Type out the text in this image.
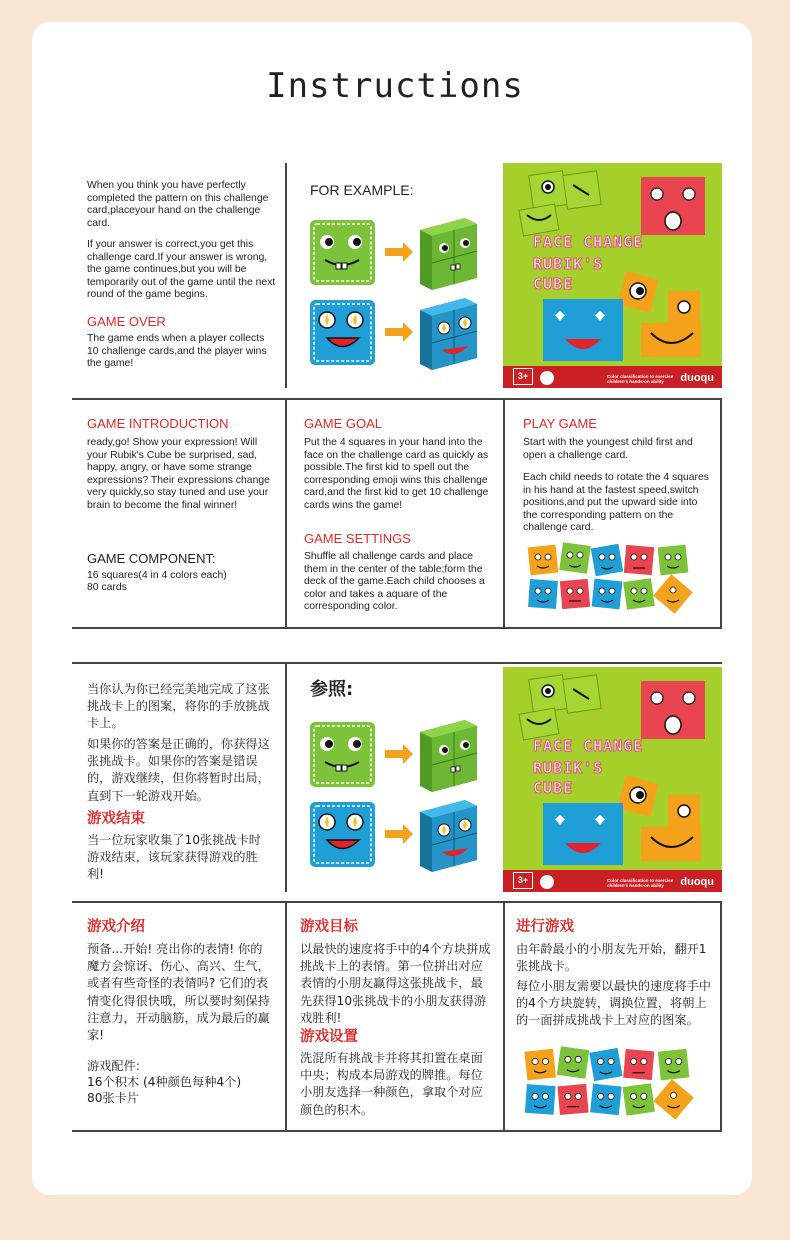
Instructions
When you think you have perfectly completed the pattern on this challenge card,placeyour hand on the challenge card.
If your answer is correct,you get this challenge card.If your answer is wrong, the game continues,but you will be temporarily out of the game until the next round of the game begins.
GAME OVER
The game ends when a player collects 10 challenge cards,and the player wins the game!
FOR EXAMPLE:
FACE CHANGE
RUBIK'S
CUBE
3+	Color classification to exercise children's hands-on ability	duoqu
GAME INTRODUCTION
ready,go! Show your expression! Will your Rubik's Cube be surprised, sad, happy, angry, or have some strange expressions? Their expressions change very quickly,so stay tuned and use your brain to become the final winner!
GAME COMPONENT:
16 squares(4 in 4 colors each)
80 cards
GAME GOAL
Put the 4 squares in your hand into the face on the challenge card as quickly as possible.The first kid to spell out the corresponding emoji wins this challenge card,and the first kid to get 10 challenge cards wins the game!
GAME SETTINGS
Shuffle all challenge cards and place them in the center of the table;form the deck of the game.Each child chooses a color and takes a aquare of the corresponding color.
PLAY GAME
Start with the youngest child first and open a challenge card.
Each child needs to rotate the 4 squares in his hand at the fastest speed,switch positions,and put the upward side into the corresponding pattern on the challenge card.
当你认为你已经完美地完成了这张挑战卡上的图案，将你的手放挑战卡上。
如果你的答案是正确的，你获得这张挑战卡。如果你的答案是错误的，游戏继续，但你将暂时出局，直到下一轮游戏开始。
游戏结束
当一位玩家收集了10张挑战卡时游戏结束，该玩家获得游戏的胜利!
参照:
FACE CHANGE
RUBIK'S
CUBE
3+	Color classification to exercise children's hands-on ability	duoqu
游戏介绍
预备...开始! 亮出你的表情! 你的魔方会惊讶、伤心、高兴、生气，或者有些奇怪的表情吗? 它们的表情变化得很快哦，所以要时刻保持注意力，开动脑筋，成为最后的赢家!
游戏配件:
16个积木 (4种颜色每种4个)
80张卡片
游戏目标
以最快的速度将手中的4个方块拼成挑战卡上的表情。第一位拼出对应表情的小朋友赢得这张挑战卡，最先获得10张挑战卡的小朋友获得游戏胜利!
游戏设置
洗混所有挑战卡并将其扣置在桌面中央；构成本局游戏的牌推。每位小朋友选择一种颜色，拿取个对应颜色的积木。
进行游戏
由年龄最小的小朋友先开始，翻开1张挑战卡。
每位小朋友需要以最快的速度将手中的4个方块旋转，调换位置，将朝上的一面拼成挑战卡上对应的图案。
